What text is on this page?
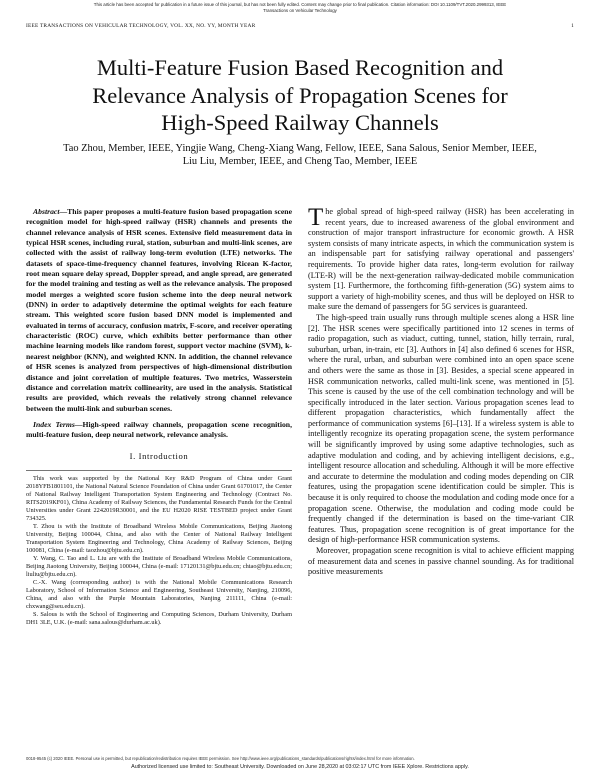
This article has been accepted for publication in a future issue of this journal, but has not been fully edited. Content may change prior to final publication. Citation information: DOI 10.1109/TVT.2020.2999313, IEEE
Transactions on Vehicular Technology
IEEE TRANSACTIONS ON VEHICULAR TECHNOLOGY, VOL. XX, NO. YY, MONTH YEAR	1
Multi-Feature Fusion Based Recognition and
Relevance Analysis of Propagation Scenes for
High-Speed Railway Channels
Tao Zhou, Member, IEEE, Yingjie Wang, Cheng-Xiang Wang, Fellow, IEEE, Sana Salous, Senior Member, IEEE,
Liu Liu, Member, IEEE, and Cheng Tao, Member, IEEE

Abstract—This paper proposes a multi-feature fusion based propagation scene recognition model for high-speed railway (HSR) channels and presents the channel relevance analysis of HSR scenes. Extensive field measurement data in typical HSR scenes, including rural, station, suburban and multi-link scenes, are collected with the assist of railway long-term evolution (LTE) networks. The datasets of space-time-frequency channel features, involving Ricean K-factor, root mean square delay spread, Doppler spread, and angle spread, are generated for the model training and testing as well as the relevance analysis. The proposed model merges a weighted score fusion scheme into the deep neural network (DNN) in order to adaptively determine the optimal weights for each feature stream. This weighted score fusion based DNN model is implemented and evaluated in terms of accuracy, confusion matrix, F-score, and receiver operating characteristic (ROC) curve, which exhibits better performance than other machine learning models like random forest, support vector machine (SVM), k-nearest neighbor (KNN), and weighted KNN. In addition, the channel relevance of HSR scenes is analyzed from perspectives of high-dimensional distribution distance and joint correlation of multiple features. Two metrics, Wasserstein distance and correlation matrix collinearity, are used in the analysis. Statistical results are provided, which reveals the relatively strong channel relevance between the multi-link and suburban scenes.

Index Terms—High-speed railway channels, propagation scene recognition, multi-feature fusion, deep neural network, relevance analysis.

I. Introduction

This work was supported by the National Key R&D Program of China under Grant 2018YFB1801101, the National Natural Science Foundation of China under Grant 61701017, the Center of National Railway Intelligent Transportation System Engineering and Technology (Contract No. RITS2019KF01), China Academy of Railway Sciences, the Fundamental Research Funds for the Central Universities under Grant 2242019R30001, and the EU H2020 RISE TESTBED project under Grant 734325.

T. Zhou is with the Institute of Broadband Wireless Mobile Communications, Beijing Jiaotong University, Beijing 100044, China, and also with the Center of National Railway Intelligent Transportation System Engineering and Technology, China Academy of Railway Sciences, Beijing 100081, China (e-mail: taozhou@bjtu.edu.cn).

Y. Wang, C. Tao and L. Liu are with the Institute of Broadband Wireless Mobile Communications, Beijing Jiaotong University, Beijing 100044, China (e-mail: 17120131@bjtu.edu.cn; chtao@bjtu.edu.cn; liuliu@bjtu.edu.cn).

C.-X. Wang (corresponding author) is with the National Mobile Communications Research Laboratory, School of Information Science and Engineering, Southeast University, Nanjing, 210096, China, and also with the Purple Mountain Laboratories, Nanjing 211111, China (e-mail: chxwang@seu.edu.cn).

S. Salous is with the School of Engineering and Computing Sciences, Durham University, Durham DH1 3LE, U.K. (e-mail: sana.salous@durham.ac.uk).

The global spread of high-speed railway (HSR) has been accelerating in recent years, due to increased awareness of the global environment and construction of major transport infrastructure for economic growth. A HSR system consists of many intricate aspects, in which the communication system is an indispensable part for satisfying railway operational and passengers' requirements. To provide higher data rates, long-term evolution for railway (LTE-R) will be the next-generation railway-dedicated mobile communication system [1]. Furthermore, the forthcoming fifth-generation (5G) system aims to support a variety of high-mobility scenes, and thus will be deployed on HSR to make sure the demand of passengers for 5G services is guaranteed.

The high-speed train usually runs through multiple scenes along a HSR line [2]. The HSR scenes were specifically partitioned into 12 scenes in terms of radio propagation, such as viaduct, cutting, tunnel, station, hilly terrain, rural, suburban, urban, in-train, etc [3]. Authors in [4] also defined 6 scenes for HSR, where the rural, urban, and suburban were combined into an open space scene and others were the same as those in [3]. Besides, a special scene appeared in HSR communication networks, called multi-link scene, was mentioned in [5]. This scene is caused by the use of the cell combination technology and will be specifically introduced in the later section. Various propagation scenes lead to different propagation characteristics, which fundamentally affect the performance of communication systems [6]–[13]. If a wireless system is able to intelligently recognize its operating propagation scene, the system performance will be significantly improved by using some adaptive technologies, such as adaptive modulation and coding, and by achieving intelligent decisions, e.g., intelligent resource allocation and scheduling. Although it will be more effective and accurate to determine the modulation and coding modes depending on CIR features, using the propagation scene identification could be simpler. This is because it is only required to choose the modulation and coding mode once for a propagation scene. Otherwise, the modulation and coding mode could be frequently changed if the determination is based on the time-variant CIR features. Thus, propagation scene recognition is of great importance for the design of high-performance HSR communication systems.

Moreover, propagation scene recognition is vital to achieve efficient mapping of measurement data and scenes in passive channel sounding. As for traditional positive measurements

0018-9545 (c) 2020 IEEE. Personal use is permitted, but republication/redistribution requires IEEE permission. See http://www.ieee.org/publications_standards/publications/rights/index.html for more information.
Authorized licensed use limited to: Southeast University. Downloaded on June 28,2020 at 03:02:17 UTC from IEEE Xplore. Restrictions apply.
